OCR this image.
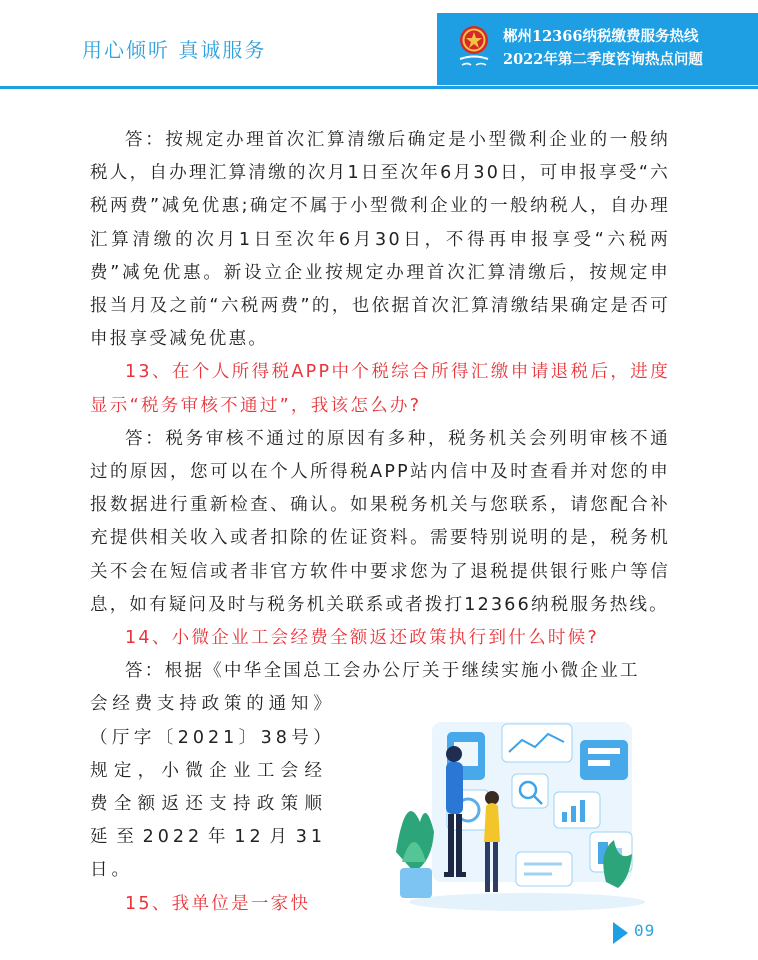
用心倾听 真诚服务
郴州12366纳税缴费服务热线
2022年第二季度咨询热点问题

答：按规定办理首次汇算清缴后确定是小型微利企业的一般纳税人，自办理汇算清缴的次月1日至次年6月30日，可申报享受“六税两费”减免优惠;确定不属于小型微利企业的一般纳税人，自办理汇算清缴的次月1日至次年6月30日，不得再申报享受“六税两费”减免优惠。新设立企业按规定办理首次汇算清缴后，按规定申报当月及之前“六税两费”的，也依据首次汇算清缴结果确定是否可申报享受减免优惠。

13、在个人所得税APP中个税综合所得汇缴申请退税后，进度显示“税务审核不通过”，我该怎么办?

答：税务审核不通过的原因有多种，税务机关会列明审核不通过的原因，您可以在个人所得税APP站内信中及时查看并对您的申报数据进行重新检查、确认。如果税务机关与您联系，请您配合补充提供相关收入或者扣除的佐证资料。需要特别说明的是，税务机关不会在短信或者非官方软件中要求您为了退税提供银行账户等信息，如有疑问及时与税务机关联系或者拨打12366纳税服务热线。

14、小微企业工会经费全额返还政策执行到什么时候?

答：根据《中华全国总工会办公厅关于继续实施小微企业工
会经费支持政策的通知》（厅字〔2021〕38号）规定，小微企业工会经费全额返还支持政策顺延至2022年12月31日。

15、我单位是一家快

09
